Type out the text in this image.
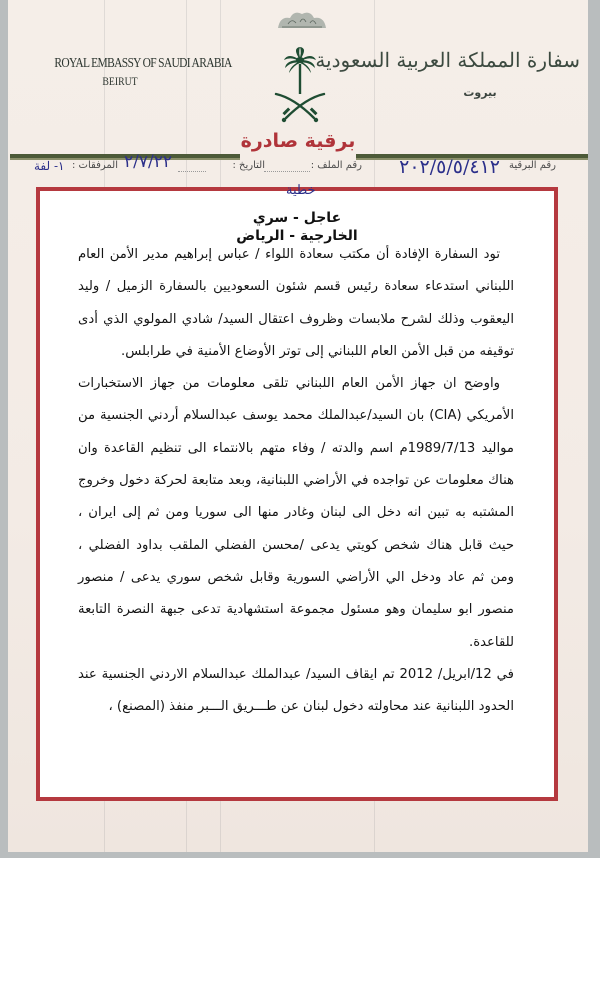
ROYAL EMBASSY OF SAUDI ARABIA
BEIRUT
سفارة المملكة العربية السعودية
بيروت
برقية صادرة
رقم البرقية
٢٠٢/٥/٥/٤١٢
رقم الملف :
التاريخ :
٢/٧/٢٢
المرفقات :
١- لفة
خطية
عاجل - سري
الخارجية - الرياض

تود السفارة الإفادة أن مكتب سعادة اللواء / عباس إبراهيم مدير الأمن العام اللبناني استدعاء سعادة رئيس قسم شئون السعوديين بالسفارة الزميل / وليد اليعقوب وذلك لشرح ملابسات وظروف اعتقال السيد/ شادي المولوي الذي أدى توقيفه من قبل الأمن العام اللبناني إلى توتر الأوضاع الأمنية في طرابلس.

واوضح ان جهاز الأمن العام اللبناني تلقى معلومات من جهاز الاستخبارات الأمريكي (CIA) بان السيد/عبدالملك محمد يوسف عبدالسلام أردني الجنسية من مواليد 1989/7/13م اسم والدته / وفاء متهم بالانتماء الى تنظيم القاعدة وان هناك معلومات عن تواجده في الأراضي اللبنانية، وبعد متابعة لحركة دخول وخروج المشتبه به تبين انه دخل الى لبنان وغادر منها الى سوريا ومن ثم إلى ايران ، حيث قابل هناك شخص كويتي يدعى /محسن الفضلي الملقب بداود الفضلي ، ومن ثم عاد ودخل الي الأراضي السورية وقابل شخص سوري يدعى / منصور منصور ابو سليمان وهو مسئول مجموعة استشهادية تدعى جبهة النصرة التابعة للقاعدة.

في 12/ابريل/ 2012 تم ايقاف السيد/ عبدالملك عبدالسلام الاردني الجنسية عند الحدود اللبنانية عند محاولته دخول لبنان عن طـــريق الـــبر منفذ (المصنع) ،
